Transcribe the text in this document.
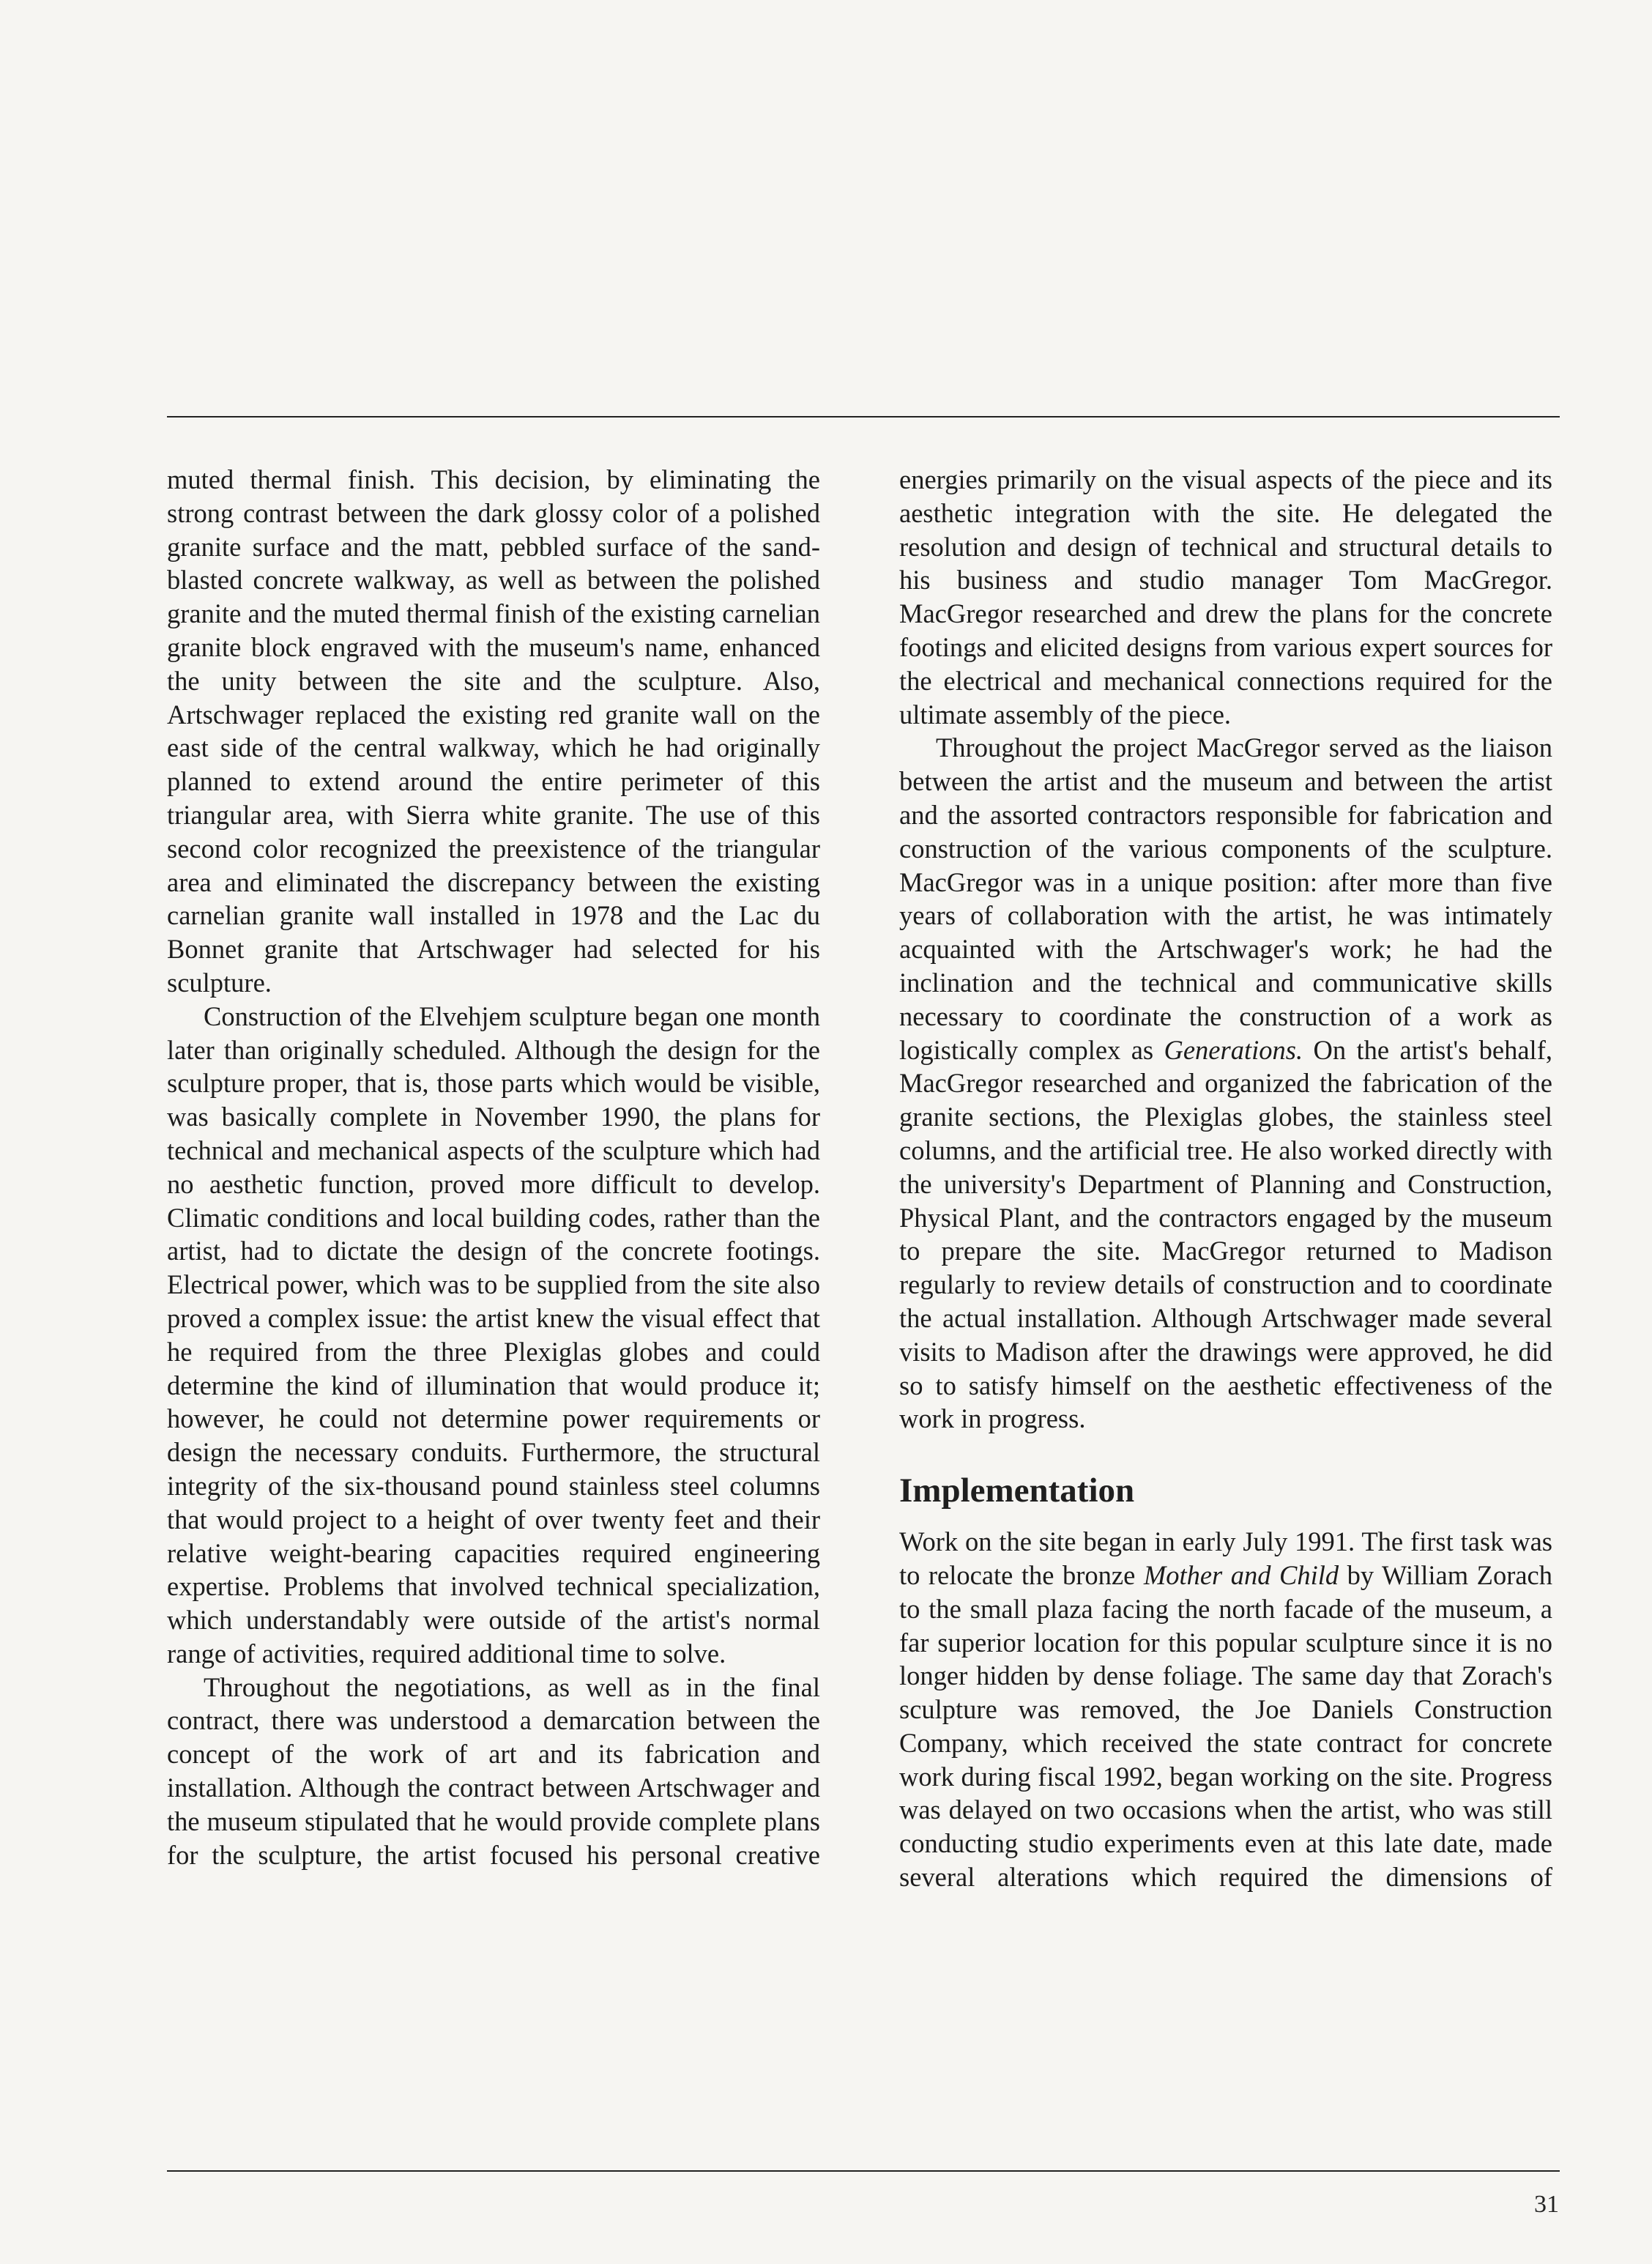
muted thermal finish. This decision, by eliminating the strong contrast between the dark glossy color of a polished granite surface and the matt, pebbled surface of the sand-blasted concrete walkway, as well as between the polished granite and the muted thermal finish of the existing carnelian granite block engraved with the museum's name, enhanced the unity between the site and the sculpture. Also, Artschwager replaced the existing red granite wall on the east side of the central walkway, which he had originally planned to extend around the entire perimeter of this triangular area, with Sierra white granite. The use of this second color recognized the preexistence of the triangular area and eliminated the discrepancy between the existing carnelian granite wall installed in 1978 and the Lac du Bonnet granite that Artschwager had selected for his sculpture.

Construction of the Elvehjem sculpture began one month later than originally scheduled. Although the design for the sculpture proper, that is, those parts which would be visible, was basically complete in November 1990, the plans for technical and mechanical aspects of the sculpture which had no aesthetic function, proved more difficult to develop. Climatic conditions and local building codes, rather than the artist, had to dictate the design of the concrete footings. Electrical power, which was to be supplied from the site also proved a complex issue: the artist knew the visual effect that he required from the three Plexiglas globes and could determine the kind of illumination that would produce it; however, he could not determine power requirements or design the necessary conduits. Furthermore, the structural integrity of the six-thousand pound stainless steel columns that would project to a height of over twenty feet and their relative weight-bearing capacities required engineering expertise. Problems that involved technical specialization, which understandably were outside of the artist's normal range of activities, required additional time to solve.

Throughout the negotiations, as well as in the final contract, there was understood a demarcation between the concept of the work of art and its fabrication and installation. Although the contract between Artschwager and the museum stipulated that he would provide complete plans for the sculpture, the artist focused his personal creative

energies primarily on the visual aspects of the piece and its aesthetic integration with the site. He delegated the resolution and design of technical and structural details to his business and studio manager Tom MacGregor. MacGregor researched and drew the plans for the concrete footings and elicited designs from various expert sources for the electrical and mechanical connections required for the ultimate assembly of the piece.

Throughout the project MacGregor served as the liaison between the artist and the museum and between the artist and the assorted contractors responsible for fabrication and construction of the various components of the sculpture. MacGregor was in a unique position: after more than five years of collaboration with the artist, he was intimately acquainted with the Artschwager's work; he had the inclination and the technical and communicative skills necessary to coordinate the construction of a work as logistically complex as Generations. On the artist's behalf, MacGregor researched and organized the fabrication of the granite sections, the Plexiglas globes, the stainless steel columns, and the artificial tree. He also worked directly with the university's Department of Planning and Construction, Physical Plant, and the contractors engaged by the museum to prepare the site. MacGregor returned to Madison regularly to review details of construction and to coordinate the actual installation. Although Artschwager made several visits to Madison after the drawings were approved, he did so to satisfy himself on the aesthetic effectiveness of the work in progress.

Implementation

Work on the site began in early July 1991. The first task was to relocate the bronze Mother and Child by William Zorach to the small plaza facing the north facade of the museum, a far superior location for this popular sculpture since it is no longer hidden by dense foliage. The same day that Zorach's sculpture was removed, the Joe Daniels Construction Company, which received the state contract for concrete work during fiscal 1992, began working on the site. Progress was delayed on two occasions when the artist, who was still conducting studio experiments even at this late date, made several alterations which required the dimensions of

31
